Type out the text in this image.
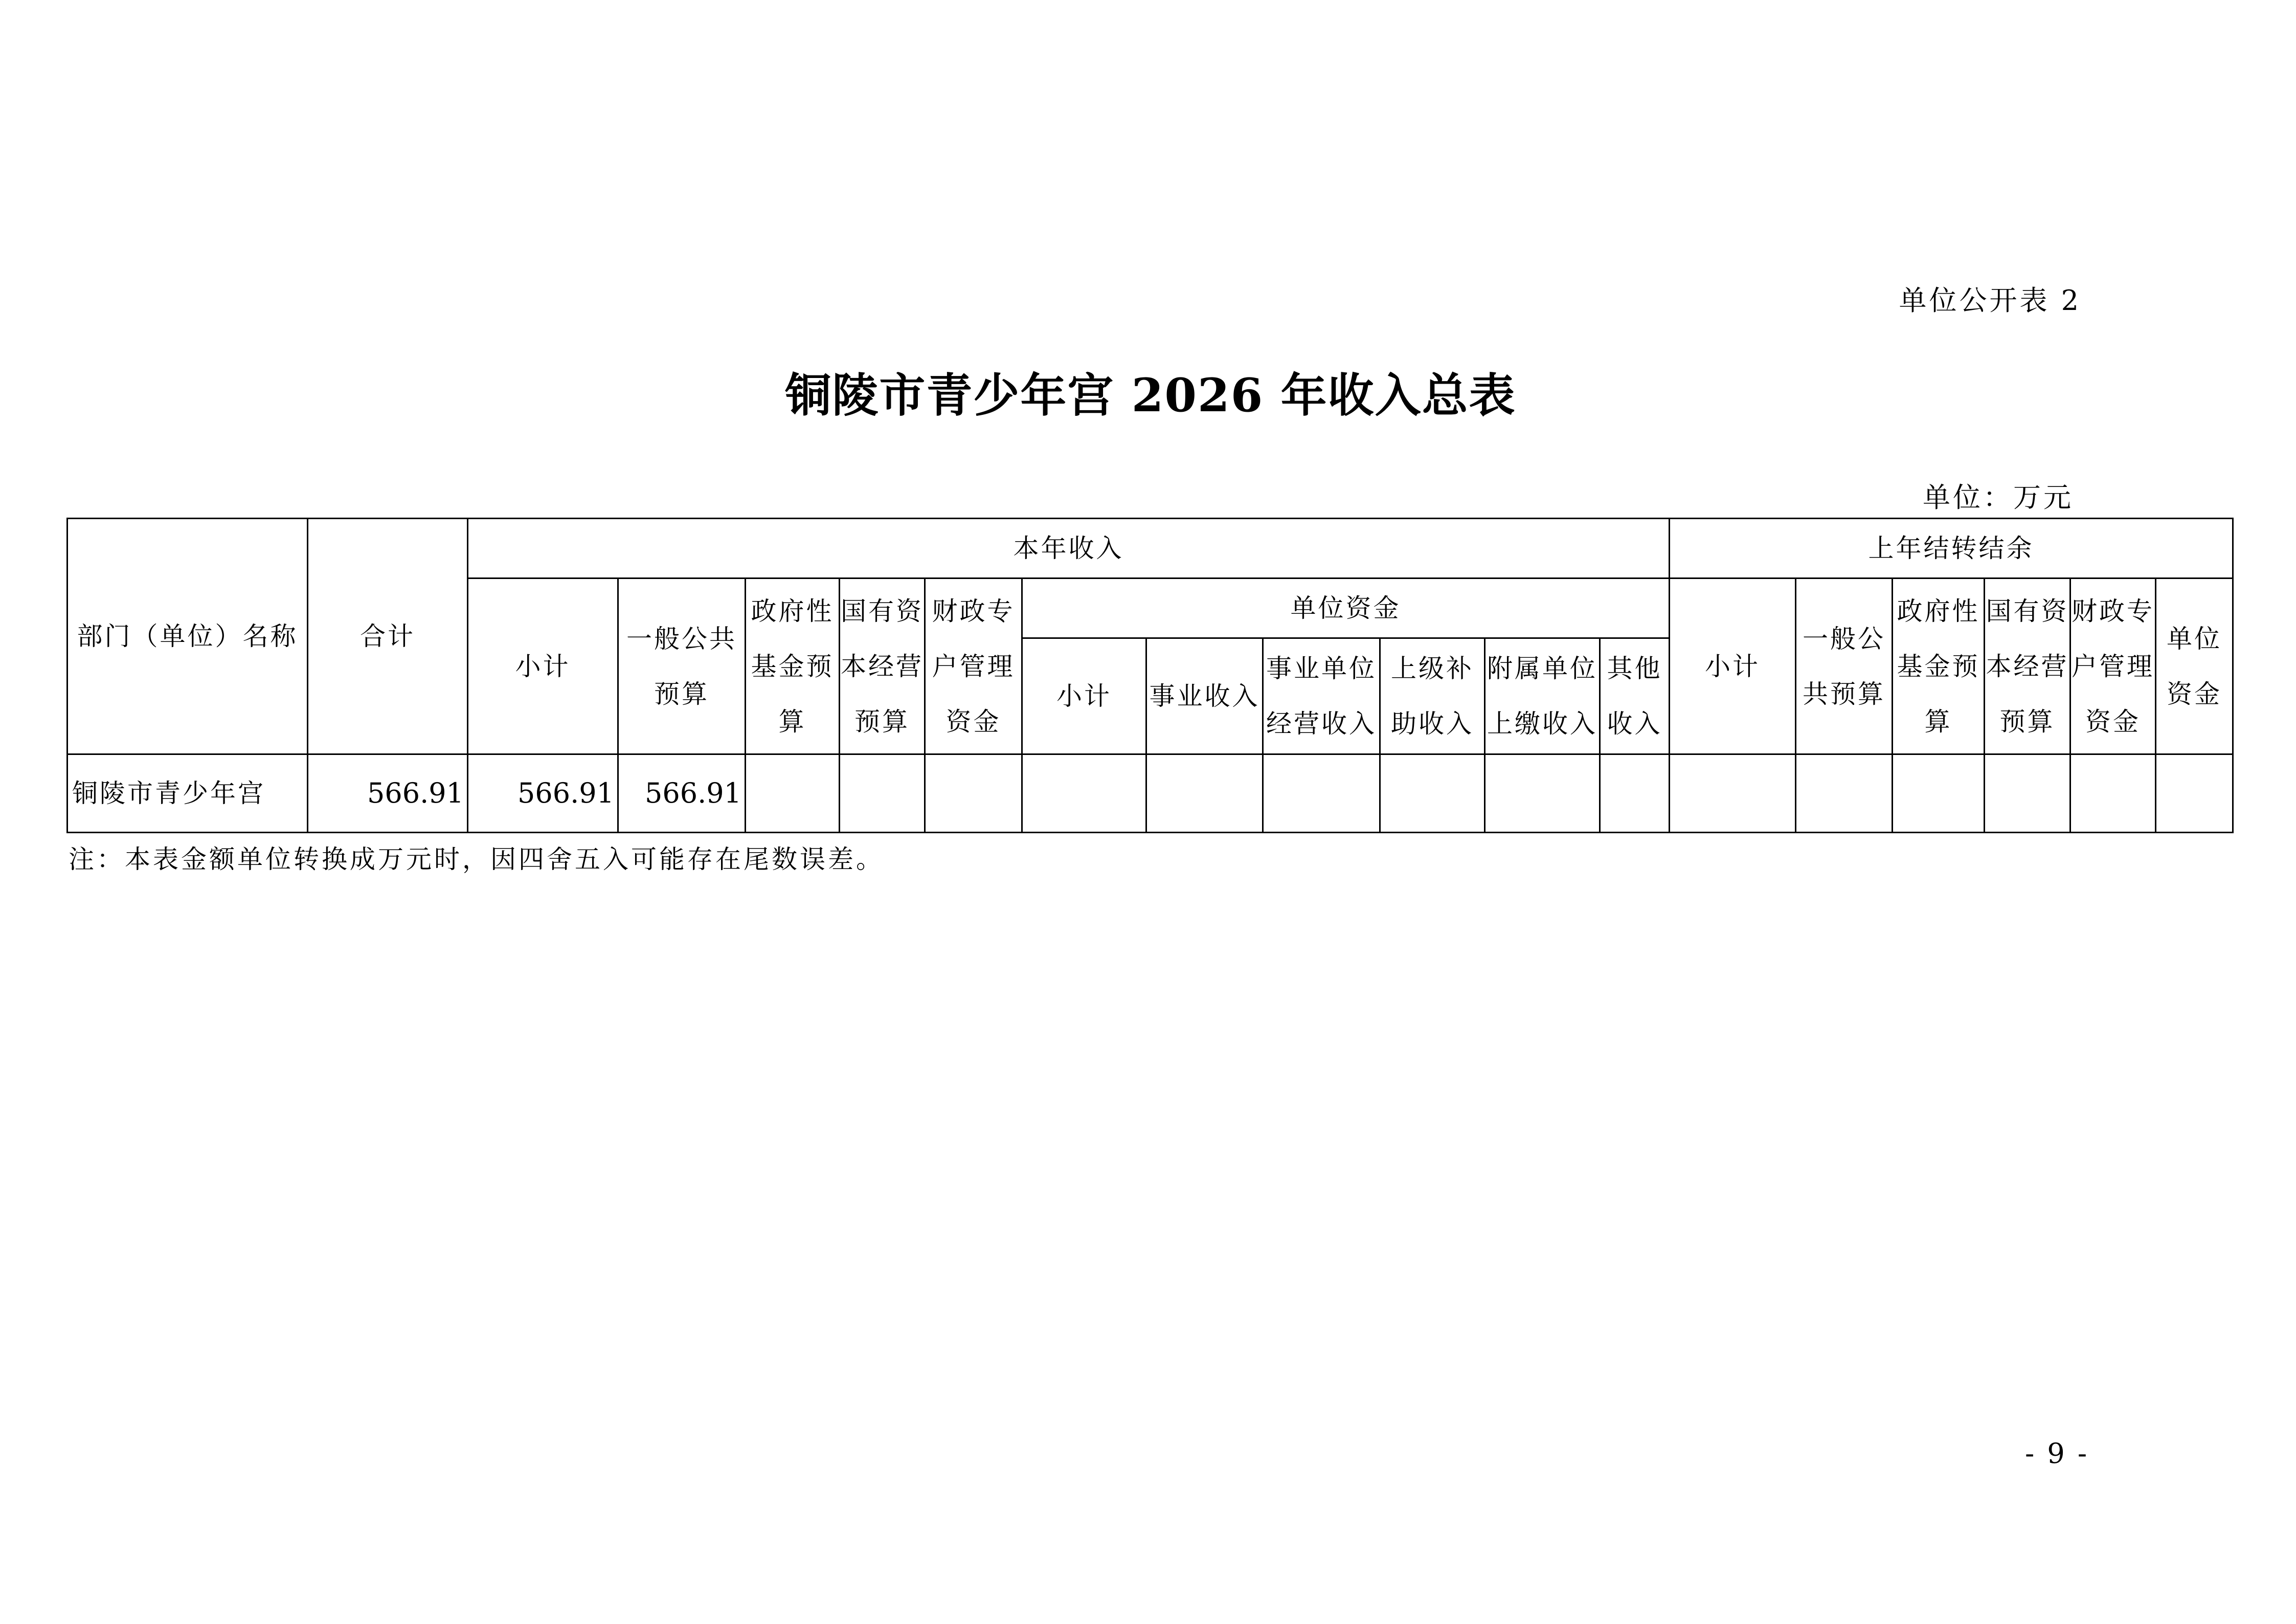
单位公开表 2
铜陵市青少年宫 2026 年收入总表
单位：万元
部门（单位）名称	合计	本年收入											上年结转结余					
		小计	一般公共预算	政府性基金预算	国有资本经营预算	财政专户管理资金	单位资金						小计	一般公共预算	政府性基金预算	国有资本经营预算	财政专户管理资金	单位资金
							小计	事业收入	事业单位经营收入	上级补助收入	附属单位上缴收入	其他收入						
铜陵市青少年宫	566.91	566.91	566.91															
注：本表金额单位转换成万元时，因四舍五入可能存在尾数误差。
- 9 -
